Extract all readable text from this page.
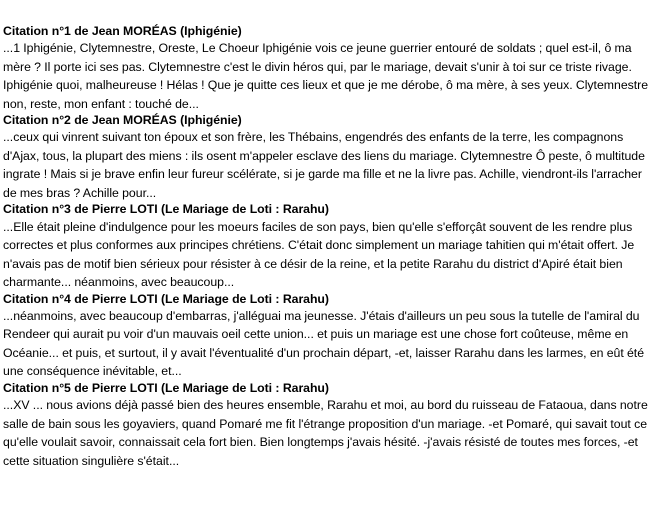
Citation n°1 de Jean MORÉAS (Iphigénie)
...1 Iphigénie, Clytemnestre, Oreste, Le Choeur Iphigénie vois ce jeune guerrier entouré de soldats ; quel est-il, ô ma mère ? Il porte ici ses pas. Clytemnestre c'est le divin héros qui, par le mariage, devait s'unir à toi sur ce triste rivage. Iphigénie quoi, malheureuse ! Hélas ! Que je quitte ces lieux et que je me dérobe, ô ma mère, à ses yeux. Clytemnestre non, reste, mon enfant : touché de...
Citation n°2 de Jean MORÉAS (Iphigénie)
...ceux qui vinrent suivant ton époux et son frère, les Thébains, engendrés des enfants de la terre, les compagnons d'Ajax, tous, la plupart des miens : ils osent m'appeler esclave des liens du mariage. Clytemnestre Ô peste, ô multitude ingrate ! Mais si je brave enfin leur fureur scélérate, si je garde ma fille et ne la livre pas. Achille, viendront-ils l'arracher de mes bras ? Achille pour...
Citation n°3 de Pierre LOTI (Le Mariage de Loti : Rarahu)
...Elle était pleine d'indulgence pour les moeurs faciles de son pays, bien qu'elle s'efforçât souvent de les rendre plus correctes et plus conformes aux principes chrétiens. C'était donc simplement un mariage tahitien qui m'était offert. Je n'avais pas de motif bien sérieux pour résister à ce désir de la reine, et la petite Rarahu du district d'Apiré était bien charmante... néanmoins, avec beaucoup...
Citation n°4 de Pierre LOTI (Le Mariage de Loti : Rarahu)
...néanmoins, avec beaucoup d'embarras, j'alléguai ma jeunesse. J'étais d'ailleurs un peu sous la tutelle de l'amiral du Rendeer qui aurait pu voir d'un mauvais oeil cette union... et puis un mariage est une chose fort coûteuse, même en Océanie... et puis, et surtout, il y avait l'éventualité d'un prochain départ, -et, laisser Rarahu dans les larmes, en eût été une conséquence inévitable, et...
Citation n°5 de Pierre LOTI (Le Mariage de Loti : Rarahu)
...XV ... nous avions déjà passé bien des heures ensemble, Rarahu et moi, au bord du ruisseau de Fataoua, dans notre salle de bain sous les goyaviers, quand Pomaré me fit l'étrange proposition d'un mariage. -et Pomaré, qui savait tout ce qu'elle voulait savoir, connaissait cela fort bien. Bien longtemps j'avais hésité. -j'avais résisté de toutes mes forces, -et cette situation singulière s'était...
